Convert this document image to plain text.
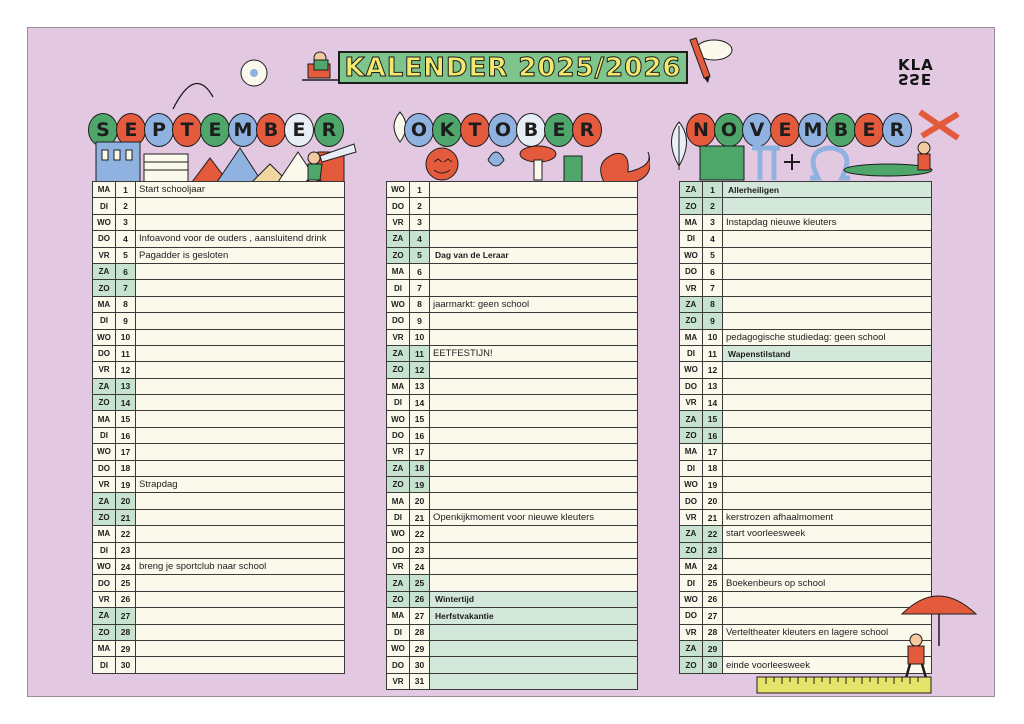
KALENDER 2025/2026	KLA
SSE
S E P T E M B E R
MA	1	Start schooljaar
DI	2	
WO	3	
DO	4	Infoavond voor de ouders , aansluitend drink
VR	5	Pagadder is gesloten
ZA	6	
ZO	7	
MA	8	
DI	9	
WO	10	
DO	11	
VR	12	
ZA	13	
ZO	14	
MA	15	
DI	16	
WO	17	
DO	18	
VR	19	Strapdag
ZA	20	
ZO	21	
MA	22	
DI	23	
WO	24	breng je sportclub naar school
DO	25	
VR	26	
ZA	27	
ZO	28	
MA	29	
DI	30	
O K T O B E R
WO	1	
DO	2	
VR	3	
ZA	4	
ZO	5	Dag van de Leraar
MA	6	
DI	7	
WO	8	jaarmarkt: geen school
DO	9	
VR	10	
ZA	11	EETFESTIJN!
ZO	12	
MA	13	
DI	14	
WO	15	
DO	16	
VR	17	
ZA	18	
ZO	19	
MA	20	
DI	21	Openkijkmoment voor nieuwe kleuters
WO	22	
DO	23	
VR	24	
ZA	25	
ZO	26	Wintertijd
MA	27	Herfstvakantie
DI	28	
WO	29	
DO	30	
VR	31	
N O V E M B E R
ZA	1	Allerheiligen
ZO	2	
MA	3	Instapdag nieuwe kleuters
DI	4	
WO	5	
DO	6	
VR	7	
ZA	8	
ZO	9	
MA	10	pedagogische studiedag: geen school
DI	11	Wapenstilstand
WO	12	
DO	13	
VR	14	
ZA	15	
ZO	16	
MA	17	
DI	18	
WO	19	
DO	20	
VR	21	kerstrozen afhaalmoment
ZA	22	start voorleesweek
ZO	23	
MA	24	
DI	25	Boekenbeurs op school
WO	26	
DO	27	
VR	28	Verteltheater kleuters en lagere school
ZA	29	
ZO	30	einde voorleesweek
